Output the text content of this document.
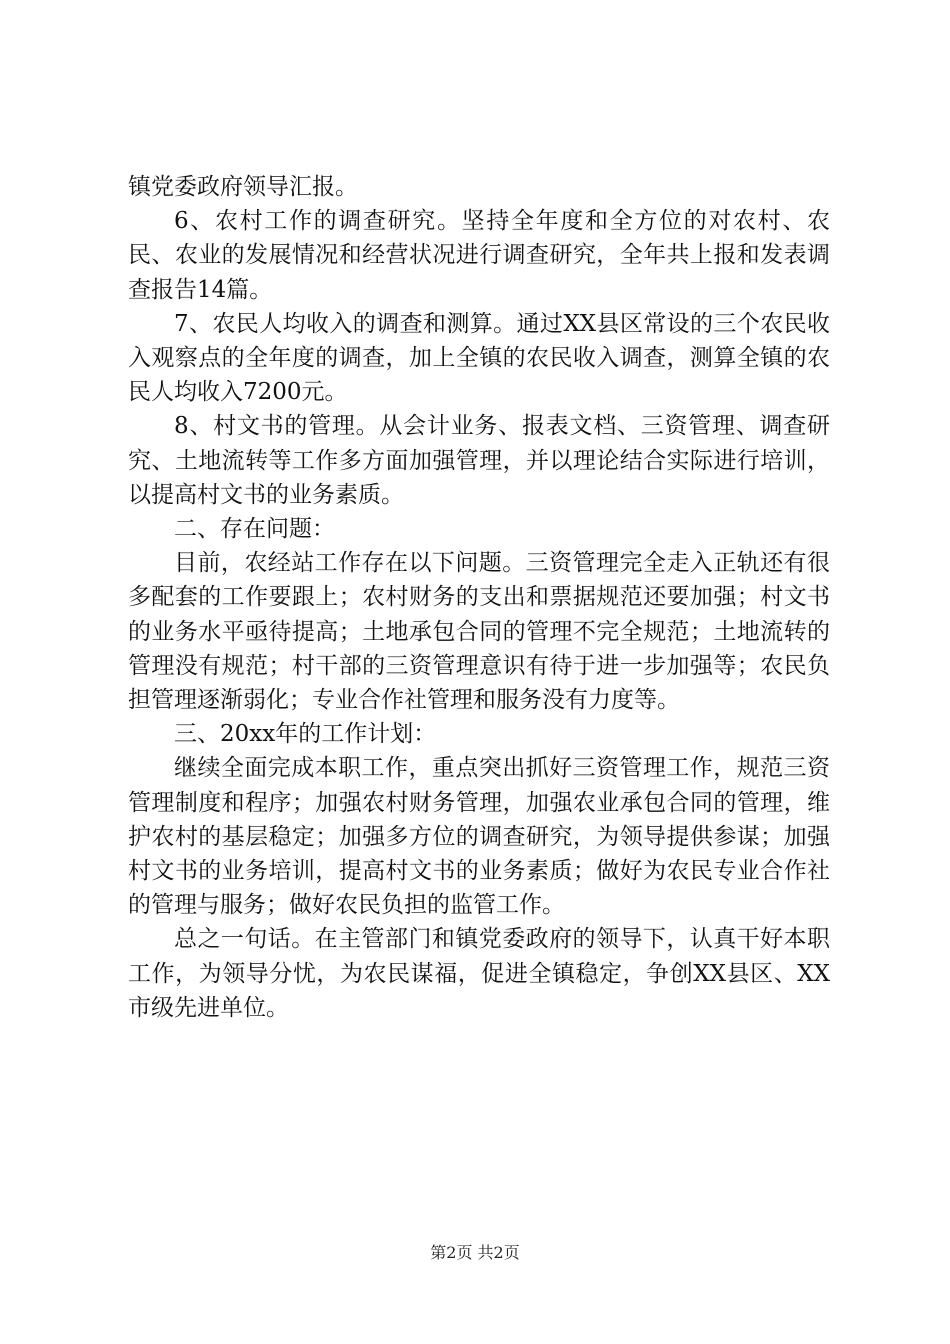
镇党委政府领导汇报。

6、农村工作的调查研究。坚持全年度和全方位的对农村、农民、农业的发展情况和经营状况进行调查研究，全年共上报和发表调查报告14篇。

7、农民人均收入的调查和测算。通过XX县区常设的三个农民收入观察点的全年度的调查，加上全镇的农民收入调查，测算全镇的农民人均收入7200元。

8、村文书的管理。从会计业务、报表文档、三资管理、调查研究、土地流转等工作多方面加强管理，并以理论结合实际进行培训，以提高村文书的业务素质。

二、存在问题：

目前，农经站工作存在以下问题。三资管理完全走入正轨还有很多配套的工作要跟上；农村财务的支出和票据规范还要加强；村文书的业务水平亟待提高；土地承包合同的管理不完全规范；土地流转的管理没有规范；村干部的三资管理意识有待于进一步加强等；农民负担管理逐渐弱化；专业合作社管理和服务没有力度等。

三、20xx年的工作计划：

继续全面完成本职工作，重点突出抓好三资管理工作，规范三资管理制度和程序；加强农村财务管理，加强农业承包合同的管理，维护农村的基层稳定；加强多方位的调查研究，为领导提供参谋；加强村文书的业务培训，提高村文书的业务素质；做好为农民专业合作社的管理与服务；做好农民负担的监管工作。

总之一句话。在主管部门和镇党委政府的领导下，认真干好本职工作，为领导分忧，为农民谋福，促进全镇稳定，争创XX县区、XX市级先进单位。

第2页 共2页
